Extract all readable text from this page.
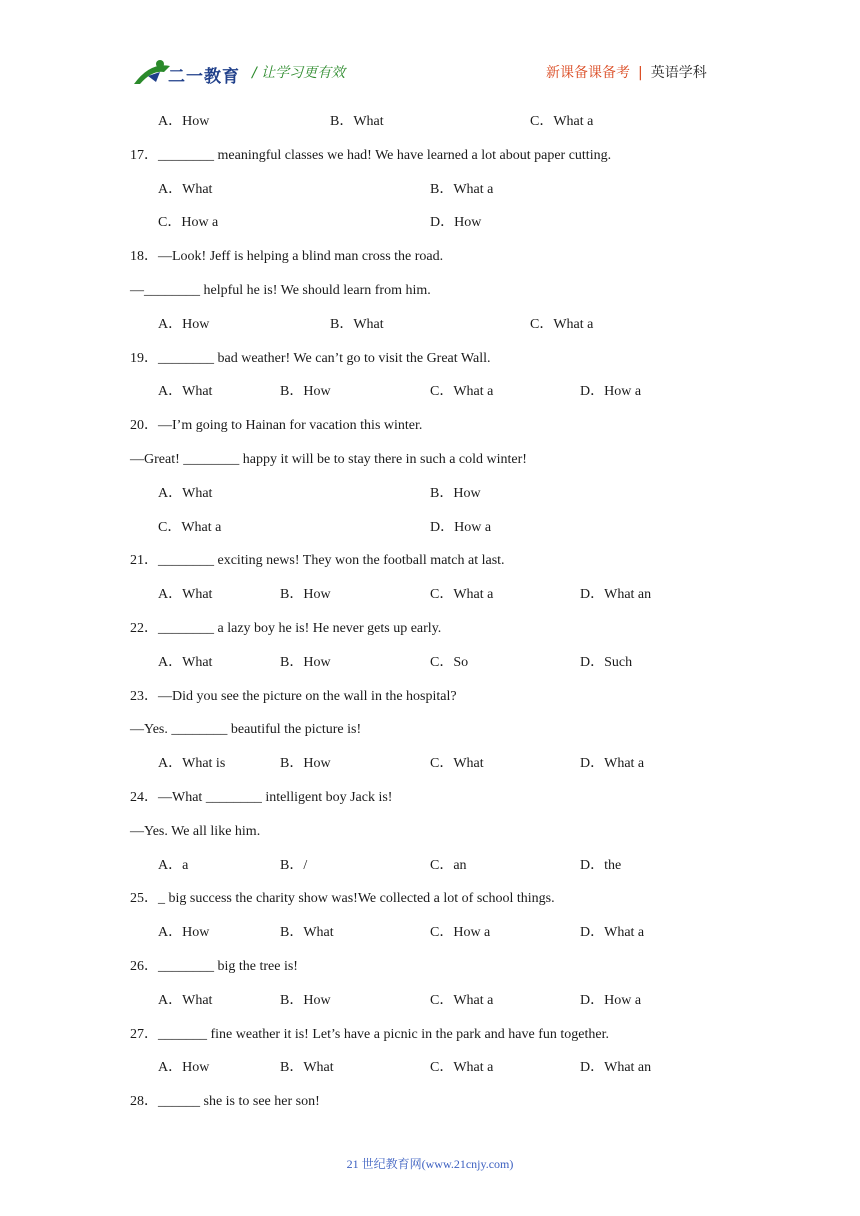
二一教育 / 让学习更有效	新课备课备考 | 英语学科
A．How	B．What	C．What a
17．________ meaningful classes we had! We have learned a lot about paper cutting.
A．What	B．What a
C．How a	D．How
18．—Look! Jeff is helping a blind man cross the road.
—________ helpful he is! We should learn from him.
A．How	B．What	C．What a
19．________ bad weather! We can’t go to visit the Great Wall.
A．What	B．How	C．What a	D．How a
20．—I’m going to Hainan for vacation this winter.
—Great! ________ happy it will be to stay there in such a cold winter!
A．What	B．How
C．What a	D．How a
21．________ exciting news! They won the football match at last.
A．What	B．How	C．What a	D．What an
22．________ a lazy boy he is! He never gets up early.
A．What	B．How	C．So	D．Such
23．—Did you see the picture on the wall in the hospital?
—Yes. ________ beautiful the picture is!
A．What is	B．How	C．What	D．What a
24．—What ________ intelligent boy Jack is!
—Yes. We all like him.
A．a	B．/	C．an	D．the
25．_ big success the charity show was!We collected a lot of school things.
A．How	B．What	C．How a	D．What a
26．________ big the tree is!
A．What	B．How	C．What a	D．How a
27．_______ fine weather it is! Let’s have a picnic in the park and have fun together.
A．How	B．What	C．What a	D．What an
28．______ she is to see her son!
21 世纪教育网(www.21cnjy.com)
